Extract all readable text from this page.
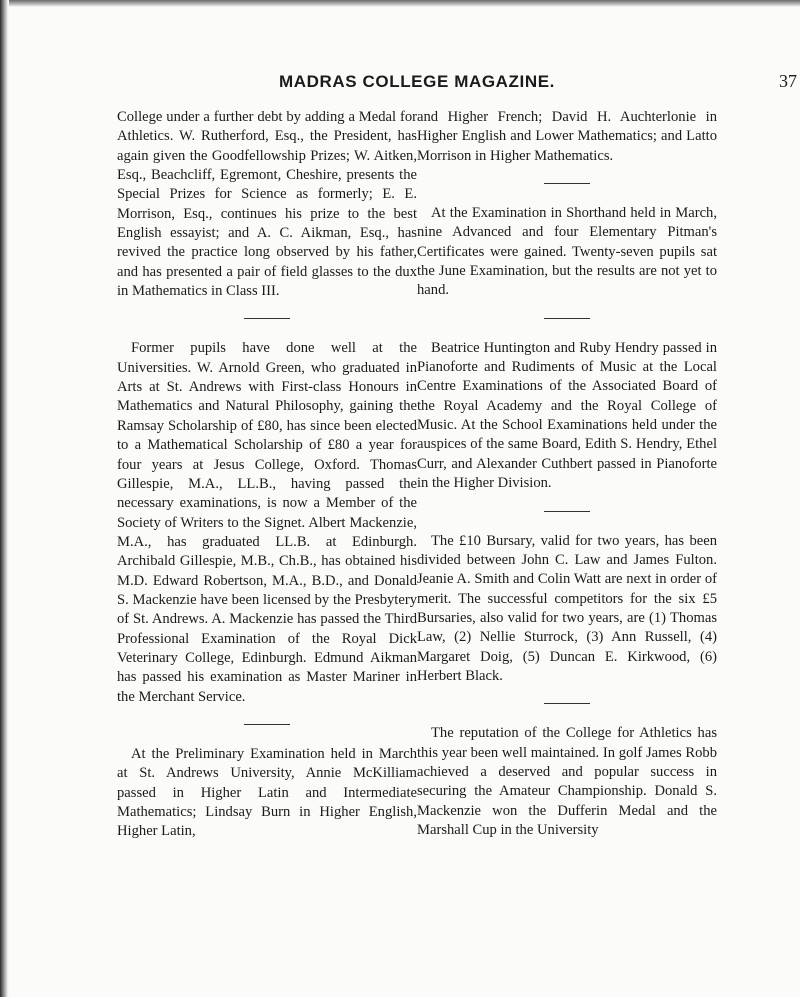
MADRAS COLLEGE MAGAZINE.	37

College under a further debt by adding a Medal for Athletics. W. Rutherford, Esq., the President, has again given the Goodfellowship Prizes; W. Aitken, Esq., Beachcliff, Egremont, Cheshire, presents the Special Prizes for Science as formerly; E. E. Morrison, Esq., continues his prize to the best English essayist; and A. C. Aikman, Esq., has revived the practice long observed by his father, and has presented a pair of field glasses to the dux in Mathematics in Class III.

Former pupils have done well at the Universities. W. Arnold Green, who graduated in Arts at St. Andrews with First-class Honours in Mathematics and Natural Philosophy, gaining the Ramsay Scholarship of £80, has since been elected to a Mathematical Scholarship of £80 a year for four years at Jesus College, Oxford. Thomas Gillespie, M.A., LL.B., having passed the necessary examinations, is now a Member of the Society of Writers to the Signet. Albert Mackenzie, M.A., has graduated LL.B. at Edinburgh. Archibald Gillespie, M.B., Ch.B., has obtained his M.D. Edward Robertson, M.A., B.D., and Donald S. Mackenzie have been licensed by the Presbytery of St. Andrews. A. Mackenzie has passed the Third Professional Examination of the Royal Dick Veterinary College, Edinburgh. Edmund Aikman has passed his examination as Master Mariner in the Merchant Service.

At the Preliminary Examination held in March at St. Andrews University, Annie McKilliam passed in Higher Latin and Intermediate Mathematics; Lindsay Burn in Higher English, Higher Latin,

and Higher French; David H. Auchterlonie in Higher English and Lower Mathematics; and Latto Morrison in Higher Mathematics.

At the Examination in Shorthand held in March, nine Advanced and four Elementary Pitman's Certificates were gained. Twenty-seven pupils sat the June Examination, but the results are not yet to hand.

Beatrice Huntington and Ruby Hendry passed in Pianoforte and Rudiments of Music at the Local Centre Examinations of the Associated Board of the Royal Academy and the Royal College of Music. At the School Examinations held under the auspices of the same Board, Edith S. Hendry, Ethel Curr, and Alexander Cuthbert passed in Pianoforte in the Higher Division.

The £10 Bursary, valid for two years, has been divided between John C. Law and James Fulton. Jeanie A. Smith and Colin Watt are next in order of merit. The successful competitors for the six £5 Bursaries, also valid for two years, are (1) Thomas Law, (2) Nellie Sturrock, (3) Ann Russell, (4) Margaret Doig, (5) Duncan E. Kirkwood, (6) Herbert Black.

The reputation of the College for Athletics has this year been well maintained. In golf James Robb achieved a deserved and popular success in securing the Amateur Championship. Donald S. Mackenzie won the Dufferin Medal and the Marshall Cup in the University
